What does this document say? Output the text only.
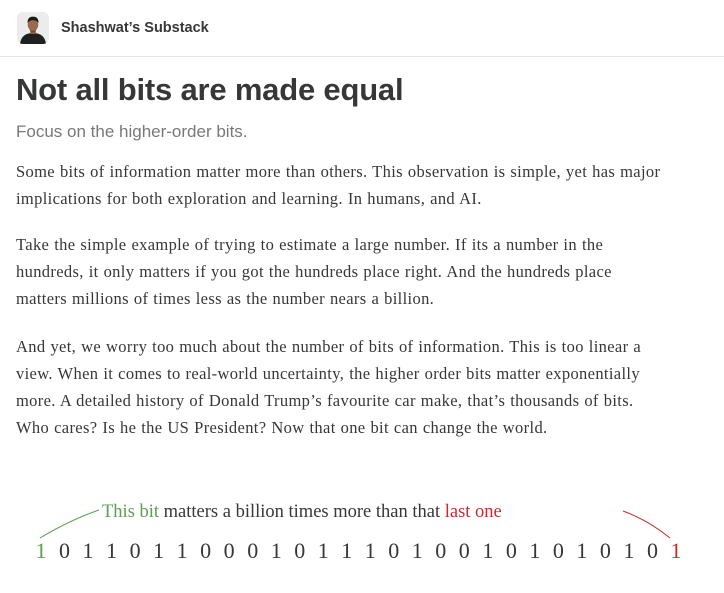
Shashwat’s Substack
Not all bits are made equal
Focus on the higher-order bits.

Some bits of information matter more than others. This observation is simple, yet has major
implications for both exploration and learning. In humans, and AI.

Take the simple example of trying to estimate a large number. If its a number in the
hundreds, it only matters if you got the hundreds place right. And the hundreds place
matters millions of times less as the number nears a billion.

And yet, we worry too much about the number of bits of information. This is too linear a
view. When it comes to real-world uncertainty, the higher order bits matter exponentially
more. A detailed history of Donald Trump’s favourite car make, that’s thousands of bits.
Who cares? Is he the US President? Now that one bit can change the world.

This bit matters a billion times more than that last one
1 0 1 1 0 1 1 0 0 0 1 0 1 1 1 0 1 0 0 1 0 1 0 1 0 1 0 1
